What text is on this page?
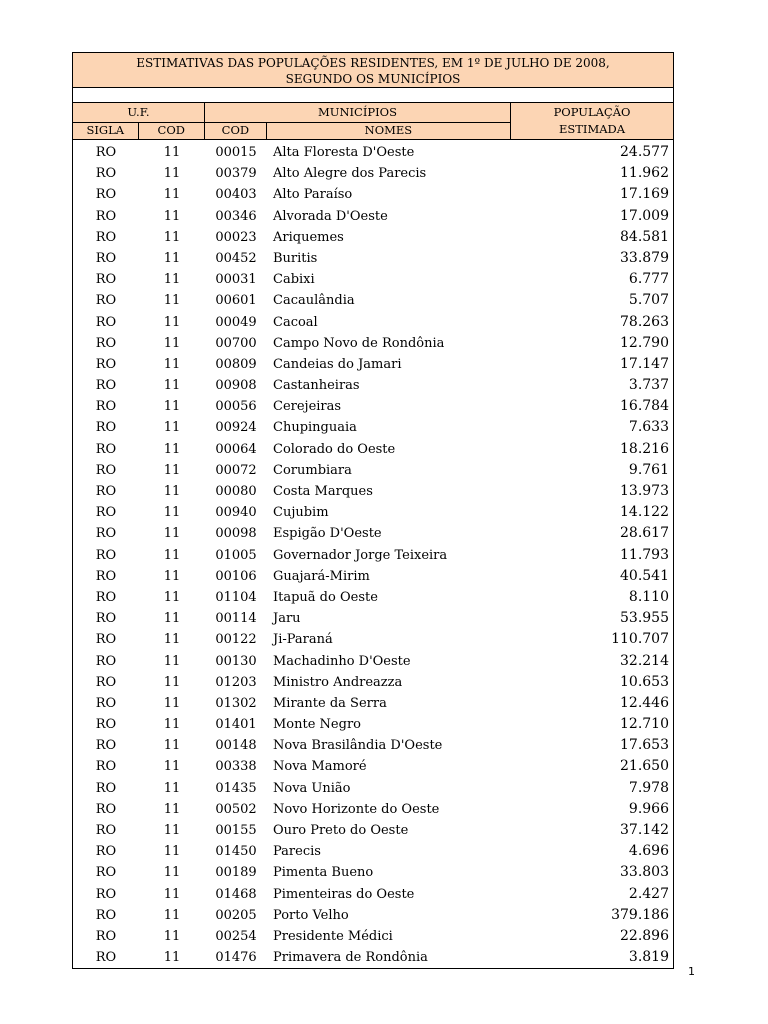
ESTIMATIVAS DAS POPULAÇÕES RESIDENTES, EM 1º DE JULHO DE 2008,
SEGUNDO OS MUNICÍPIOS
U.F.
SIGLA	COD
MUNICÍPIOS
COD	NOMES
POPULAÇÃO
ESTIMADA
RO	11	00015	Alta Floresta D'Oeste	24.577
RO	11	00379	Alto Alegre dos Parecis	11.962
RO	11	00403	Alto Paraíso	17.169
RO	11	00346	Alvorada D'Oeste	17.009
RO	11	00023	Ariquemes	84.581
RO	11	00452	Buritis	33.879
RO	11	00031	Cabixi	6.777
RO	11	00601	Cacaulândia	5.707
RO	11	00049	Cacoal	78.263
RO	11	00700	Campo Novo de Rondônia	12.790
RO	11	00809	Candeias do Jamari	17.147
RO	11	00908	Castanheiras	3.737
RO	11	00056	Cerejeiras	16.784
RO	11	00924	Chupinguaia	7.633
RO	11	00064	Colorado do Oeste	18.216
RO	11	00072	Corumbiara	9.761
RO	11	00080	Costa Marques	13.973
RO	11	00940	Cujubim	14.122
RO	11	00098	Espigão D'Oeste	28.617
RO	11	01005	Governador Jorge Teixeira	11.793
RO	11	00106	Guajará-Mirim	40.541
RO	11	01104	Itapuã do Oeste	8.110
RO	11	00114	Jaru	53.955
RO	11	00122	Ji-Paraná	110.707
RO	11	00130	Machadinho D'Oeste	32.214
RO	11	01203	Ministro Andreazza	10.653
RO	11	01302	Mirante da Serra	12.446
RO	11	01401	Monte Negro	12.710
RO	11	00148	Nova Brasilândia D'Oeste	17.653
RO	11	00338	Nova Mamoré	21.650
RO	11	01435	Nova União	7.978
RO	11	00502	Novo Horizonte do Oeste	9.966
RO	11	00155	Ouro Preto do Oeste	37.142
RO	11	01450	Parecis	4.696
RO	11	00189	Pimenta Bueno	33.803
RO	11	01468	Pimenteiras do Oeste	2.427
RO	11	00205	Porto Velho	379.186
RO	11	00254	Presidente Médici	22.896
RO	11	01476	Primavera de Rondônia	3.819
1
